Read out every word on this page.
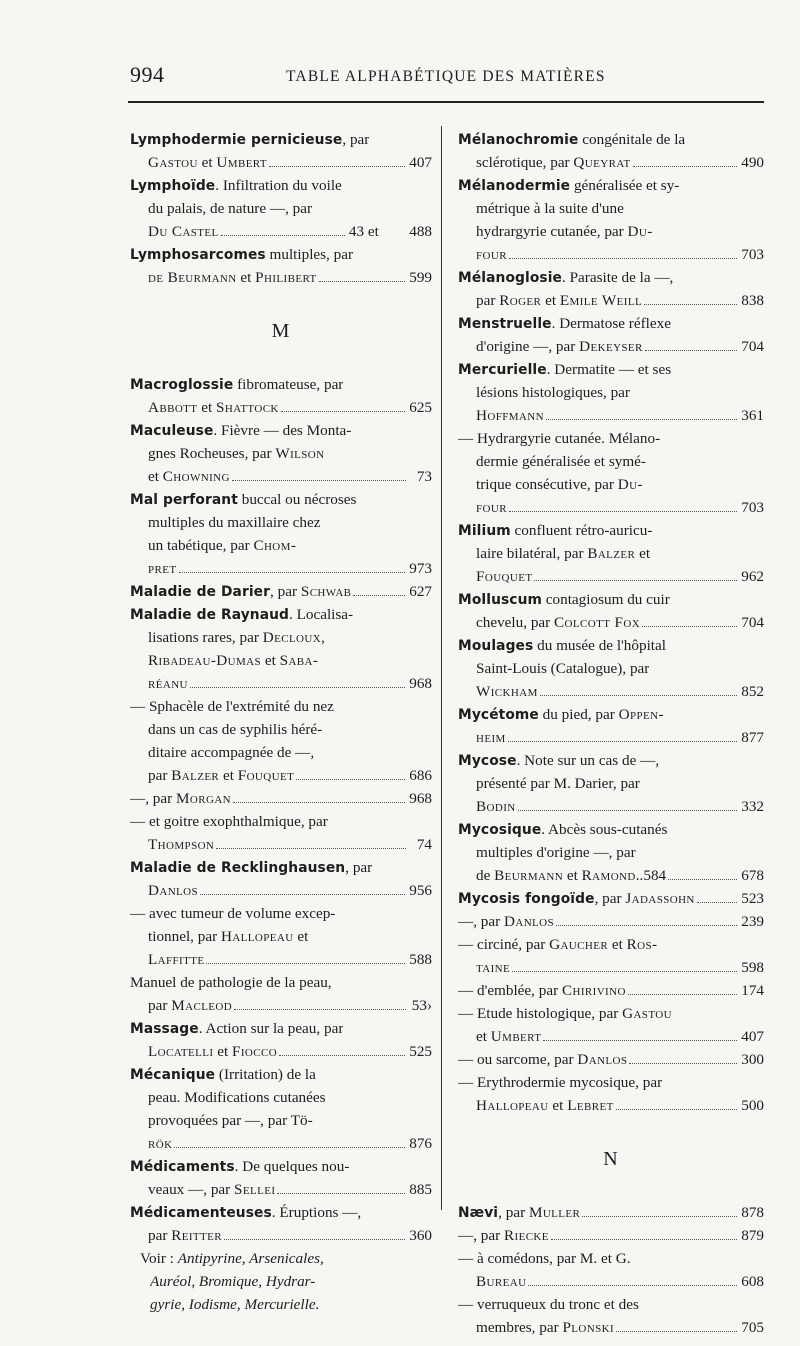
994	TABLE ALPHABÉTIQUE DES MATIÈRES
Lymphodermie pernicieuse, par
Gastou et Umbert	407
Lymphoïde. Infiltration du voile
du palais, de nature —, par
Du Castel	43 et 488
Lymphosarcomes multiples, par
de Beurmann et Philibert	599
M
Macroglossie fibromateuse, par
Abbott et Shattock	625
Maculeuse. Fièvre — des Monta-
gnes Rocheuses, par Wilson
et Chowning	73
Mal perforant buccal ou nécroses
multiples du maxillaire chez
un tabétique, par Chom-
pret	973
Maladie de Darier, par Schwab	627
Maladie de Raynaud. Localisa-
lisations rares, par Decloux,
Ribadeau-Dumas et Saba-
réanu	968
— Sphacèle de l'extrémité du nez
dans un cas de syphilis héré-
ditaire accompagnée de —,
par Balzer et Fouquet	686
—, par Morgan	968
— et goitre exophthalmique, par
Thompson	74
Maladie de Recklinghausen, par
Danlos	956
— avec tumeur de volume excep-
tionnel, par Hallopeau et
Laffitte	588
Manuel de pathologie de la peau,
par Macleod	53›
Massage. Action sur la peau, par
Locatelli et Fiocco	525
Mécanique (Irritation) de la
peau. Modifications cutanées
provoquées par —, par Tö-
rök	876
Médicaments. De quelques nou-
veaux —, par Sellei	885
Médicamenteuses. Éruptions —,
par Reitter	360
Voir : Antipyrine, Arsenicales,
Auréol, Bromique, Hydrar-
gyrie, Iodisme, Mercurielle.
Mélanochromie congénitale de la
sclérotique, par Queyrat	490
Mélanodermie généralisée et sy-
métrique à la suite d'une
hydrargyrie cutanée, par Du-
four	703
Mélanoglosie. Parasite de la —,
par Roger et Emile Weill	838
Menstruelle. Dermatose réflexe
d'origine —, par Dekeyser	704
Mercurielle. Dermatite — et ses
lésions histologiques, par
Hoffmann	361
— Hydrargyrie cutanée. Mélano-
dermie généralisée et symé-
trique consécutive, par Du-
four	703
Milium confluent rétro-auricu-
laire bilatéral, par Balzer et
Fouquet	962
Molluscum contagiosum du cuir
chevelu, par Colcott Fox	704
Moulages du musée de l'hôpital
Saint-Louis (Catalogue), par
Wickham	852
Mycétome du pied, par Oppen-
heim	877
Mycose. Note sur un cas de —,
présenté par M. Darier, par
Bodin	332
Mycosique. Abcès sous-cutanés
multiples d'origine —, par
de Beurmann et Ramond..584	678
Mycosis fongoïde, par Jadassohn	523
—, par Danlos	239
— circiné, par Gaucher et Ros-
taine	598
— d'emblée, par Chirivino	174
— Etude histologique, par Gastou
et Umbert	407
— ou sarcome, par Danlos	300
— Erythrodermie mycosique, par
Hallopeau et Lebret	500
N
Nævi, par Muller	878
—, par Riecke	879
— à comédons, par M. et G.
Bureau	608
— verruqueux du tronc et des
membres, par Plonski	705
